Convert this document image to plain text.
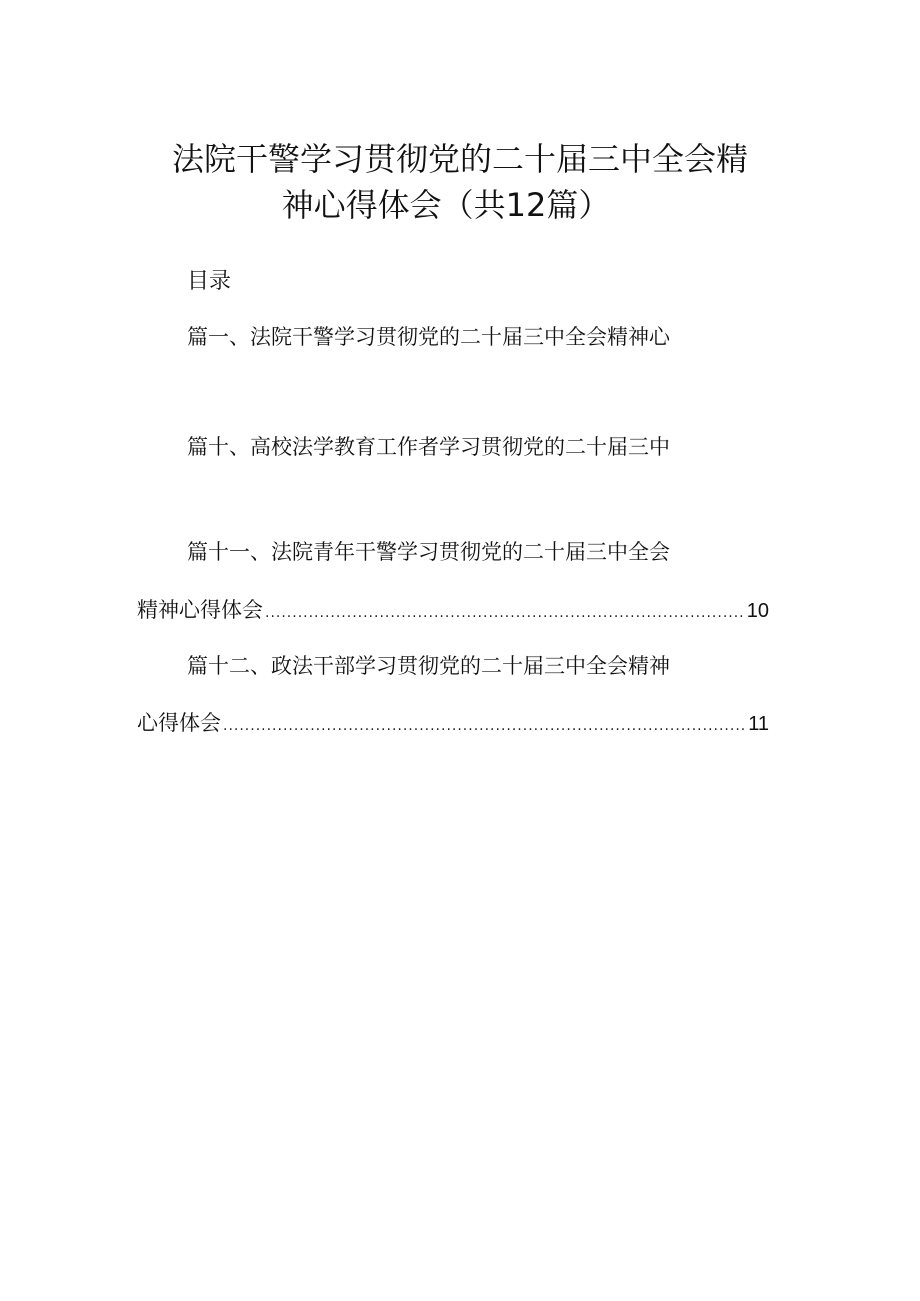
法院干警学习贯彻党的二十届三中全会精
神心得体会（共12篇）
目录
篇一、法院干警学习贯彻党的二十届三中全会精神心
篇十、高校法学教育工作者学习贯彻党的二十届三中
篇十一、法院青年干警学习贯彻党的二十届三中全会
精神心得体会 .....	10
篇十二、政法干部学习贯彻党的二十届三中全会精神
心得体会 .....	11
